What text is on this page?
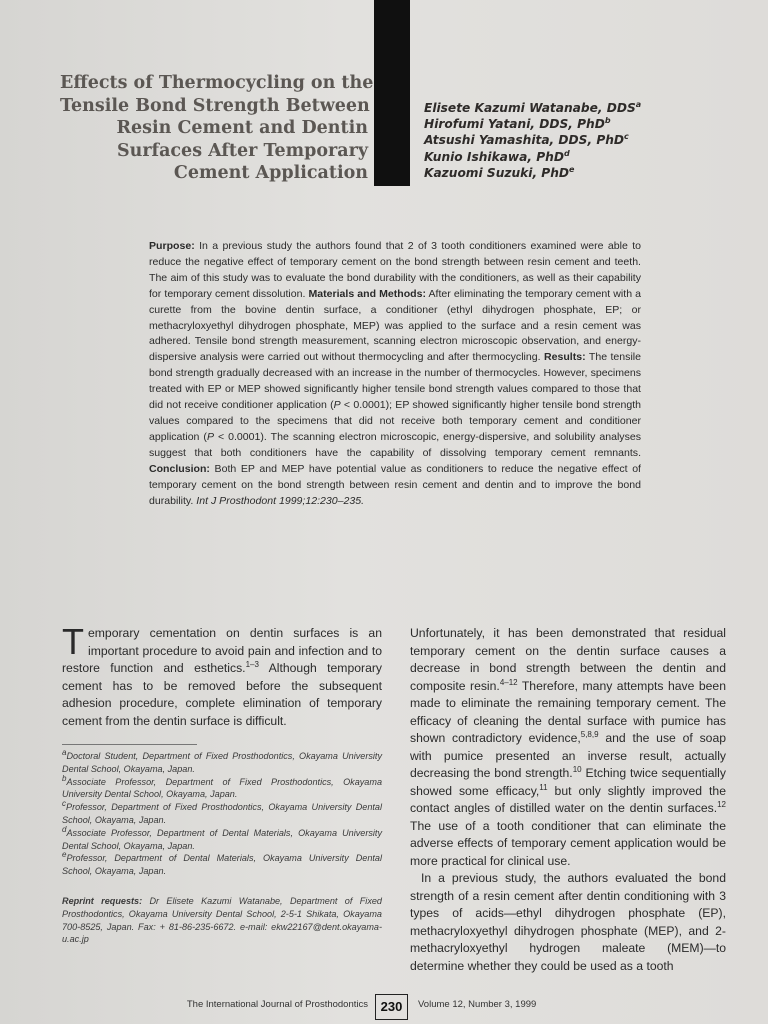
Effects of Thermocycling on the
Tensile Bond Strength Between
Resin Cement and Dentin
Surfaces After Temporary
Cement Application
Elisete Kazumi Watanabe, DDS$^a$
Hirofumi Yatani, DDS, PhD$^b$
Atsushi Yamashita, DDS, PhD$^c$
Kunio Ishikawa, PhD$^d$
Kazuomi Suzuki, PhD$^e$
Purpose: In a previous study the authors found that 2 of 3 tooth conditioners examined were able to reduce the negative effect of temporary cement on the bond strength between resin cement and teeth. The aim of this study was to evaluate the bond durability with the conditioners, as well as their capability for temporary cement dissolution. Materials and Methods: After eliminating the temporary cement with a curette from the bovine dentin surface, a conditioner (ethyl dihydrogen phosphate, EP; or methacryloxyethyl dihydrogen phosphate, MEP) was applied to the surface and a resin cement was adhered. Tensile bond strength measurement, scanning electron microscopic observation, and energy-dispersive analysis were carried out without thermocycling and after thermocycling. Results: The tensile bond strength gradually decreased with an increase in the number of thermocycles. However, specimens treated with EP or MEP showed significantly higher tensile bond strength values compared to those that did not receive conditioner application (P < 0.0001); EP showed significantly higher tensile bond strength values compared to the specimens that did not receive both temporary cement and conditioner application (P < 0.0001). The scanning electron microscopic, energy-dispersive, and solubility analyses suggest that both conditioners have the capability of dissolving temporary cement remnants. Conclusion: Both EP and MEP have potential value as conditioners to reduce the negative effect of temporary cement on the bond strength between resin cement and dentin and to improve the bond durability. Int J Prosthodont 1999;12:230–235.
Temporary cementation on dentin surfaces is an important procedure to avoid pain and infection and to restore function and esthetics.$^{1-3}$ Although temporary cement has to be removed before the subsequent adhesion procedure, complete elimination of temporary cement from the dentin surface is difficult.

$^a$Doctoral Student, Department of Fixed Prosthodontics, Okayama University Dental School, Okayama, Japan.

$^b$Associate Professor, Department of Fixed Prosthodontics, Okayama University Dental School, Okayama, Japan.

$^c$Professor, Department of Fixed Prosthodontics, Okayama University Dental School, Okayama, Japan.

$^d$Associate Professor, Department of Dental Materials, Okayama University Dental School, Okayama, Japan.

$^e$Professor, Department of Dental Materials, Okayama University Dental School, Okayama, Japan.

Reprint requests: Dr Elisete Kazumi Watanabe, Department of Fixed Prosthodontics, Okayama University Dental School, 2-5-1 Shikata, Okayama 700-8525, Japan. Fax: + 81-86-235-6672. e-mail: ekw22167@dent.okayama-u.ac.jp

Unfortunately, it has been demonstrated that residual temporary cement on the dentin surface causes a decrease in bond strength between the dentin and composite resin.$^{4-12}$ Therefore, many attempts have been made to eliminate the remaining temporary cement. The efficacy of cleaning the dental surface with pumice has shown contradictory evidence,$^{5,8,9}$ and the use of soap with pumice presented an inverse result, actually decreasing the bond strength.$^{10}$ Etching twice sequentially showed some efficacy,$^{11}$ but only slightly improved the contact angles of distilled water on the dentin surfaces.$^{12}$ The use of a tooth conditioner that can eliminate the adverse effects of temporary cement application would be more practical for clinical use.

In a previous study, the authors evaluated the bond strength of a resin cement after dentin conditioning with 3 types of acids—ethyl dihydrogen phosphate (EP), methacryloxyethyl dihydrogen phosphate (MEP), and 2-methacryloxyethyl hydrogen maleate (MEM)—to determine whether they could be used as a tooth

The International Journal of Prosthodontics 230	Volume 12, Number 3, 1999
